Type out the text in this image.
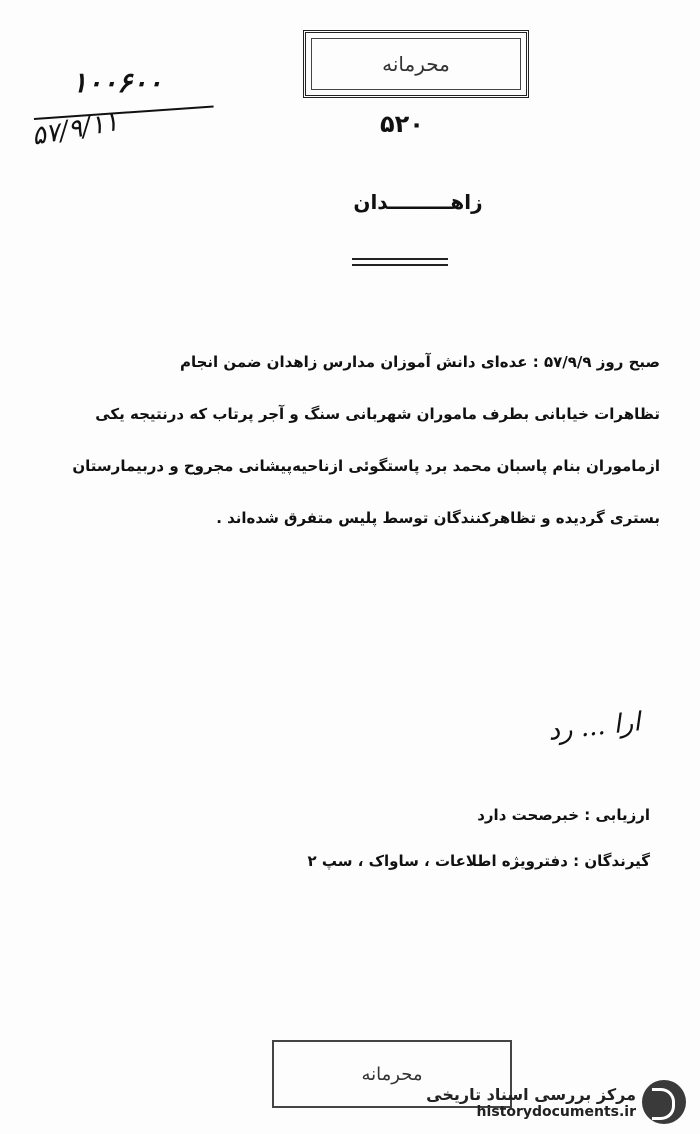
محرمانه
۱۰۰۶۰۰
۵۷/۹/۱۱	۵۲۰
زاهـــــــــدان
صبح روز ۵۷/۹/۹ : عده‌ای دانش آموزان مدارس زاهدان ضمن انجام
تظاهرات خیابانی بطرف ماموران شهربانی سنگ و آجر پرتاب که درنتیجه یکی
ازماموران بنام پاسبان محمد برد پاستگوئی ازناحیه‌پیشانی مجروح و دربیمارستان
بستری گردیده و تظاهرکنندگان توسط پلیس متفرق شده‌اند .
ارا ... رد
ارزیابی : خبرصحت دارد
گیرندگان : دفترویژه اطلاعات ، ساواک ، سپ ۲
محرمانه
مرکز بررسی اسناد تاریخی
historydocuments.ir
